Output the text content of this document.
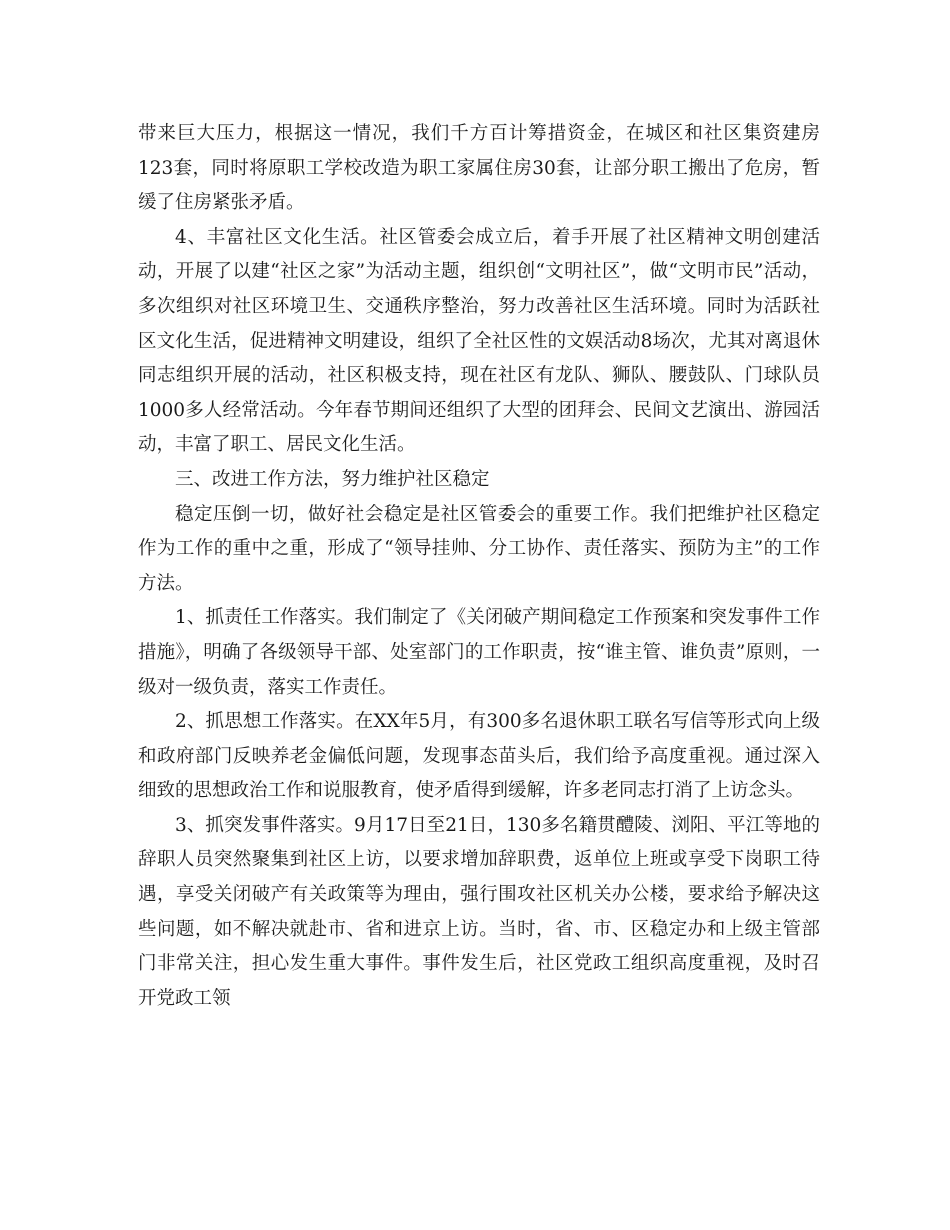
带来巨大压力，根据这一情况，我们千方百计筹措资金，在城区和社区集资建房123套，同时将原职工学校改造为职工家属住房30套，让部分职工搬出了危房，暂缓了住房紧张矛盾。

4、丰富社区文化生活。社区管委会成立后，着手开展了社区精神文明创建活动，开展了以建“社区之家”为活动主题，组织创“文明社区”，做“文明市民”活动，多次组织对社区环境卫生、交通秩序整治，努力改善社区生活环境。同时为活跃社区文化生活，促进精神文明建设，组织了全社区性的文娱活动8场次，尤其对离退休同志组织开展的活动，社区积极支持，现在社区有龙队、狮队、腰鼓队、门球队员1000多人经常活动。今年春节期间还组织了大型的团拜会、民间文艺演出、游园活动，丰富了职工、居民文化生活。

三、改进工作方法，努力维护社区稳定

稳定压倒一切，做好社会稳定是社区管委会的重要工作。我们把维护社区稳定作为工作的重中之重，形成了“领导挂帅、分工协作、责任落实、预防为主”的工作方法。

1、抓责任工作落实。我们制定了《关闭破产期间稳定工作预案和突发事件工作措施》，明确了各级领导干部、处室部门的工作职责，按“谁主管、谁负责”原则，一级对一级负责，落实工作责任。

2、抓思想工作落实。在XX年5月，有300多名退休职工联名写信等形式向上级和政府部门反映养老金偏低问题，发现事态苗头后，我们给予高度重视。通过深入细致的思想政治工作和说服教育，使矛盾得到缓解，许多老同志打消了上访念头。

3、抓突发事件落实。9月17日至21日，130多名籍贯醴陵、浏阳、平江等地的辞职人员突然聚集到社区上访，以要求增加辞职费，返单位上班或享受下岗职工待遇，享受关闭破产有关政策等为理由，强行围攻社区机关办公楼，要求给予解决这些问题，如不解决就赴市、省和进京上访。当时，省、市、区稳定办和上级主管部门非常关注，担心发生重大事件。事件发生后，社区党政工组织高度重视，及时召开党政工领
